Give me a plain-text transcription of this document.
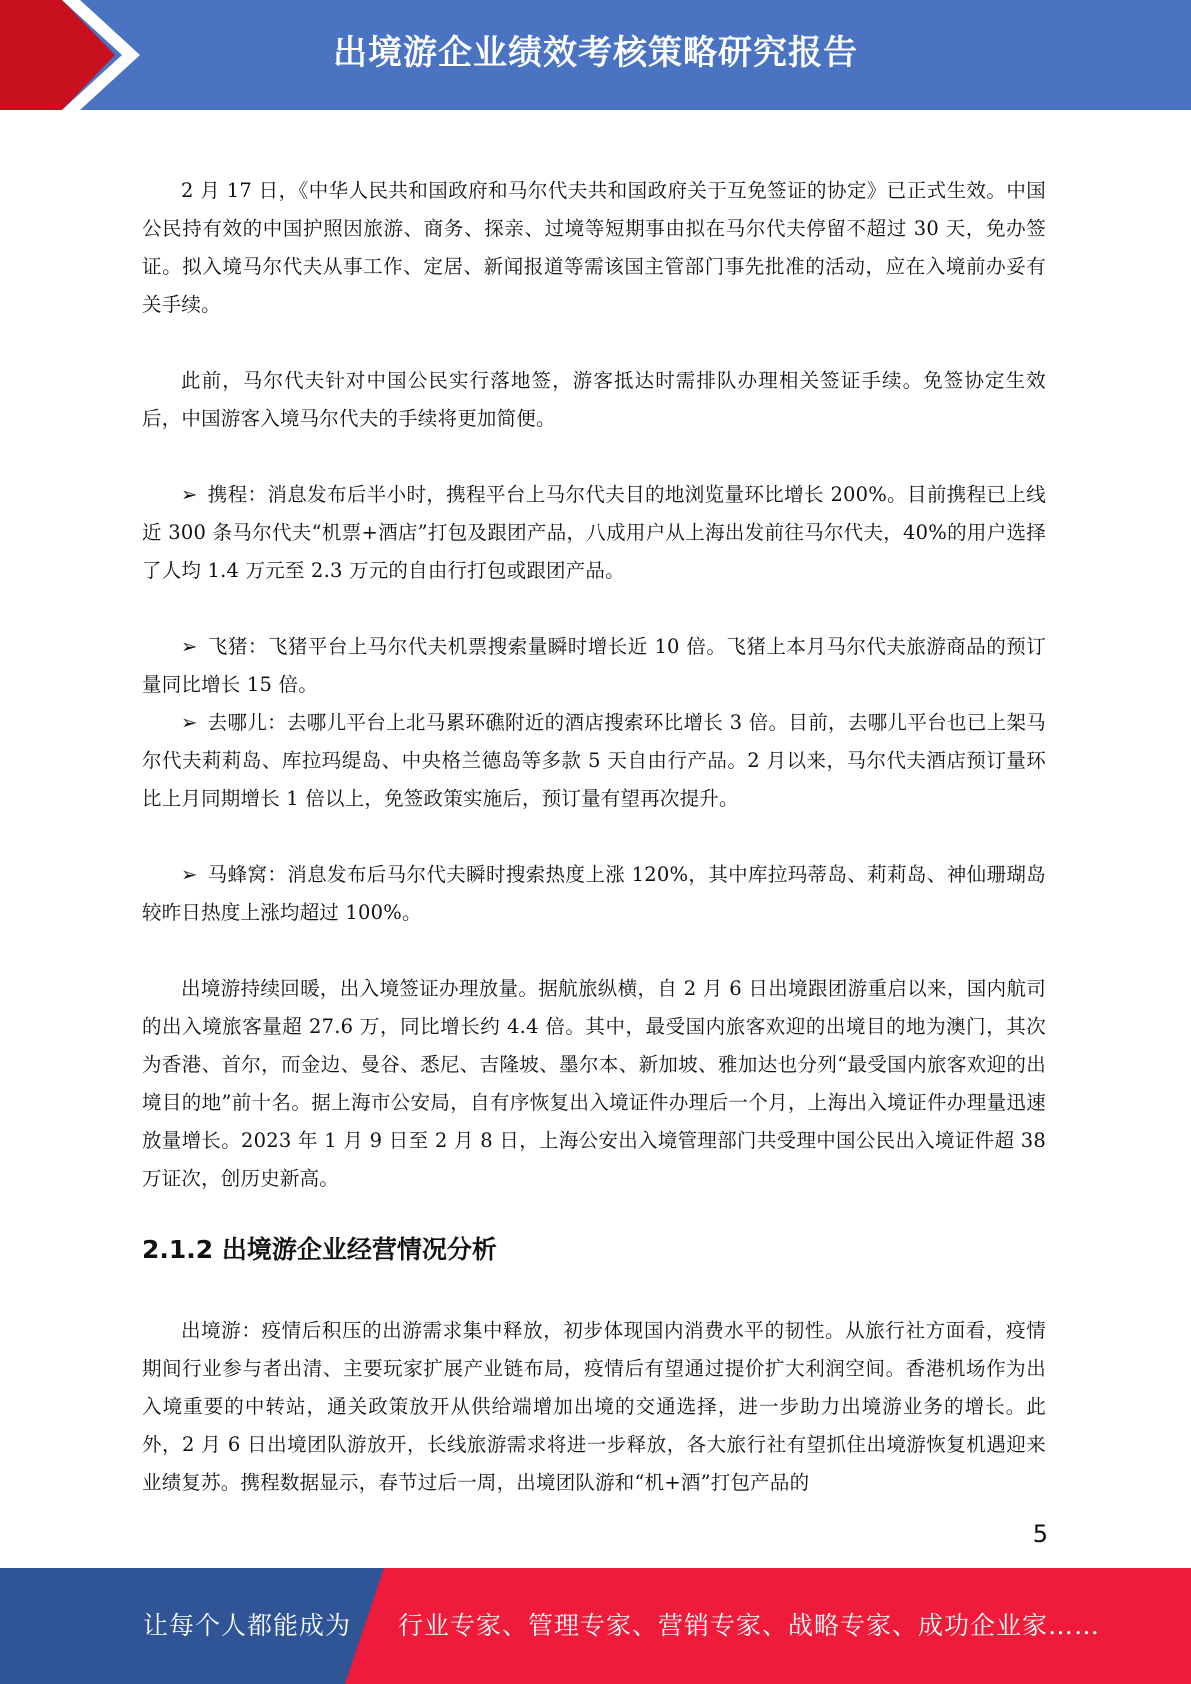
出境游企业绩效考核策略研究报告

2 月 17 日，《中华人民共和国政府和马尔代夫共和国政府关于互免签证的协定》已正式生效。中国公民持有效的中国护照因旅游、商务、探亲、过境等短期事由拟在马尔代夫停留不超过 30 天，免办签证。拟入境马尔代夫从事工作、定居、新闻报道等需该国主管部门事先批准的活动，应在入境前办妥有关手续。

此前，马尔代夫针对中国公民实行落地签，游客抵达时需排队办理相关签证手续。免签协定生效后，中国游客入境马尔代夫的手续将更加简便。

➢ 携程：消息发布后半小时，携程平台上马尔代夫目的地浏览量环比增长 200%。目前携程已上线近 300 条马尔代夫“机票+酒店”打包及跟团产品，八成用户从上海出发前往马尔代夫，40%的用户选择了人均 1.4 万元至 2.3 万元的自由行打包或跟团产品。

➢ 飞猪：飞猪平台上马尔代夫机票搜索量瞬时增长近 10 倍。飞猪上本月马尔代夫旅游商品的预订量同比增长 15 倍。

➢ 去哪儿：去哪儿平台上北马累环礁附近的酒店搜索环比增长 3 倍。目前，去哪儿平台也已上架马尔代夫莉莉岛、库拉玛缇岛、中央格兰德岛等多款 5 天自由行产品。2 月以来，马尔代夫酒店预订量环比上月同期增长 1 倍以上，免签政策实施后，预订量有望再次提升。

➢ 马蜂窝：消息发布后马尔代夫瞬时搜索热度上涨 120%，其中库拉玛蒂岛、莉莉岛、神仙珊瑚岛较昨日热度上涨均超过 100%。

出境游持续回暖，出入境签证办理放量。据航旅纵横，自 2 月 6 日出境跟团游重启以来，国内航司的出入境旅客量超 27.6 万，同比增长约 4.4 倍。其中，最受国内旅客欢迎的出境目的地为澳门，其次为香港、首尔，而金边、曼谷、悉尼、吉隆坡、墨尔本、新加坡、雅加达也分列“最受国内旅客欢迎的出境目的地”前十名。据上海市公安局，自有序恢复出入境证件办理后一个月，上海出入境证件办理量迅速放量增长。2023 年 1 月 9 日至 2 月 8 日，上海公安出入境管理部门共受理中国公民出入境证件超 38 万证次，创历史新高。

2.1.2 出境游企业经营情况分析

出境游：疫情后积压的出游需求集中释放，初步体现国内消费水平的韧性。从旅行社方面看，疫情期间行业参与者出清、主要玩家扩展产业链布局，疫情后有望通过提价扩大利润空间。香港机场作为出入境重要的中转站，通关政策放开从供给端增加出境的交通选择，进一步助力出境游业务的增长。此外，2 月 6 日出境团队游放开，长线旅游需求将进一步释放，各大旅行社有望抓住出境游恢复机遇迎来业绩复苏。携程数据显示，春节过后一周，出境团队游和“机+酒”打包产品的

5
让每个人都能成为 行业专家、管理专家、营销专家、战略专家、成功企业家……
